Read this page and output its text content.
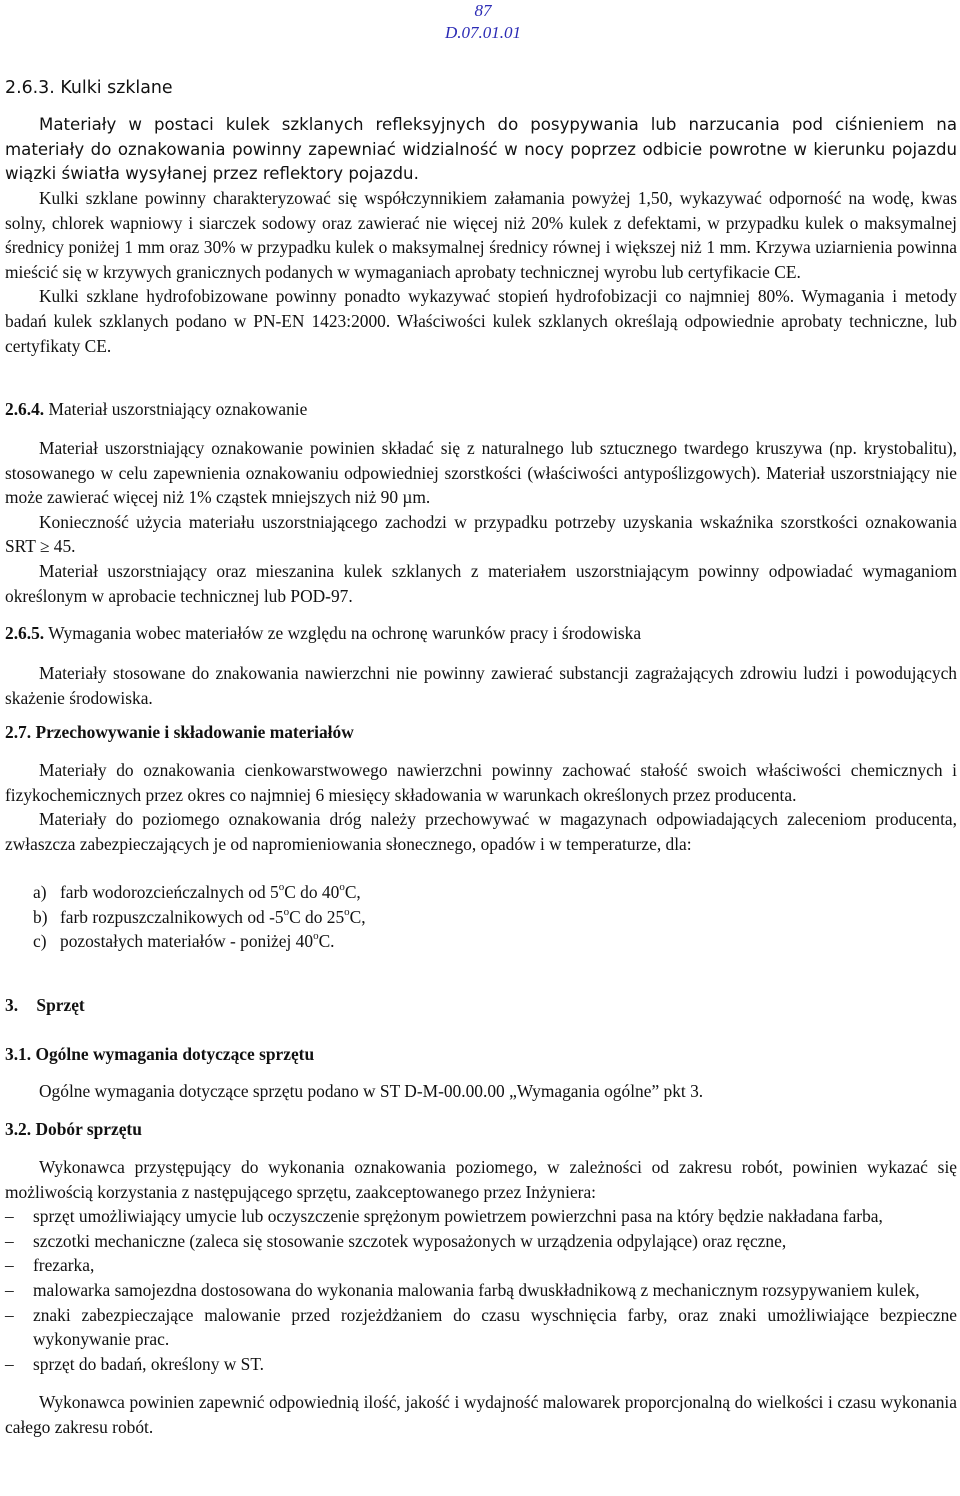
87
D.07.01.01
2.6.3. Kulki szklane

Materiały w postaci kulek szklanych refleksyjnych do posypywania lub narzucania pod ciśnieniem na materiały do oznakowania powinny zapewniać widzialność w nocy poprzez odbicie powrotne w kierunku pojazdu wiązki światła wysyłanej przez reflektory pojazdu.

Kulki szklane powinny charakteryzować się współczynnikiem załamania powyżej 1,50, wykazywać odporność na wodę, kwas solny, chlorek wapniowy i siarczek sodowy oraz zawierać nie więcej niż 20% kulek z defektami, w przypadku kulek o maksymalnej średnicy poniżej 1 mm oraz 30% w przypadku kulek o maksymalnej średnicy równej i większej niż 1 mm. Krzywa uziarnienia powinna mieścić się w krzywych granicznych podanych w wymaganiach aprobaty technicznej wyrobu lub certyfikacie CE.

Kulki szklane hydrofobizowane powinny ponadto wykazywać stopień hydrofobizacji co najmniej 80%. Wymagania i metody badań kulek szklanych podano w PN-EN 1423:2000. Właściwości kulek szklanych określają odpowiednie aprobaty techniczne, lub certyfikaty CE.

2.6.4. Materiał uszorstniający oznakowanie

Materiał uszorstniający oznakowanie powinien składać się z naturalnego lub sztucznego twardego kruszywa (np. krystobalitu), stosowanego w celu zapewnienia oznakowaniu odpowiedniej szorstkości (właściwości antypoślizgowych). Materiał uszorstniający nie może zawierać więcej niż 1% cząstek mniejszych niż 90 µm.

Konieczność użycia materiału uszorstniającego zachodzi w przypadku potrzeby uzyskania wskaźnika szorstkości oznakowania SRT ≥ 45.

Materiał uszorstniający oraz mieszanina kulek szklanych z materiałem uszorstniającym powinny odpowiadać wymaganiom określonym w aprobacie technicznej lub POD-97.

2.6.5. Wymagania wobec materiałów ze względu na ochronę warunków pracy i środowiska

Materiały stosowane do znakowania nawierzchni nie powinny zawierać substancji zagrażających zdrowiu ludzi i powodujących skażenie środowiska.

2.7. Przechowywanie i składowanie materiałów

Materiały do oznakowania cienkowarstwowego nawierzchni powinny zachować stałość swoich właściwości chemicznych i fizykochemicznych przez okres co najmniej 6 miesięcy składowania w warunkach określonych przez producenta.

Materiały do poziomego oznakowania dróg należy przechowywać w magazynach odpowiadających zaleceniom producenta, zwłaszcza zabezpieczających je od napromieniowania słonecznego, opadów i w temperaturze, dla:

a) farb wodorozcieńczalnych od 5$^o$C do 40$^o$C,
b) farb rozpuszczalnikowych od -5$^o$C do 25$^o$C,
c) pozostałych materiałów - poniżej 40$^o$C.
3. Sprzęt
3.1. Ogólne wymagania dotyczące sprzętu
Ogólne wymagania dotyczące sprzętu podano w ST D-M-00.00.00 „Wymagania ogólne” pkt 3.
3.2. Dobór sprzętu

Wykonawca przystępujący do wykonania oznakowania poziomego, w zależności od zakresu robót, powinien wykazać się możliwością korzystania z następującego sprzętu, zaakceptowanego przez Inżyniera:

– sprzęt umożliwiający umycie lub oczyszczenie sprężonym powietrzem powierzchni pasa na który będzie nakładana farba,
– szczotki mechaniczne (zaleca się stosowanie szczotek wyposażonych w urządzenia odpylające) oraz ręczne,
– frezarka,
– malowarka samojezdna dostosowana do wykonania malowania farbą dwuskładnikową z mechanicznym rozsypywaniem kulek,
– znaki zabezpieczające malowanie przed rozjeżdżaniem do czasu wyschnięcia farby, oraz znaki umożliwiające bezpieczne wykonywanie prac.
– sprzęt do badań, określony w ST.

Wykonawca powinien zapewnić odpowiednią ilość, jakość i wydajność malowarek proporcjonalną do wielkości i czasu wykonania całego zakresu robót.
